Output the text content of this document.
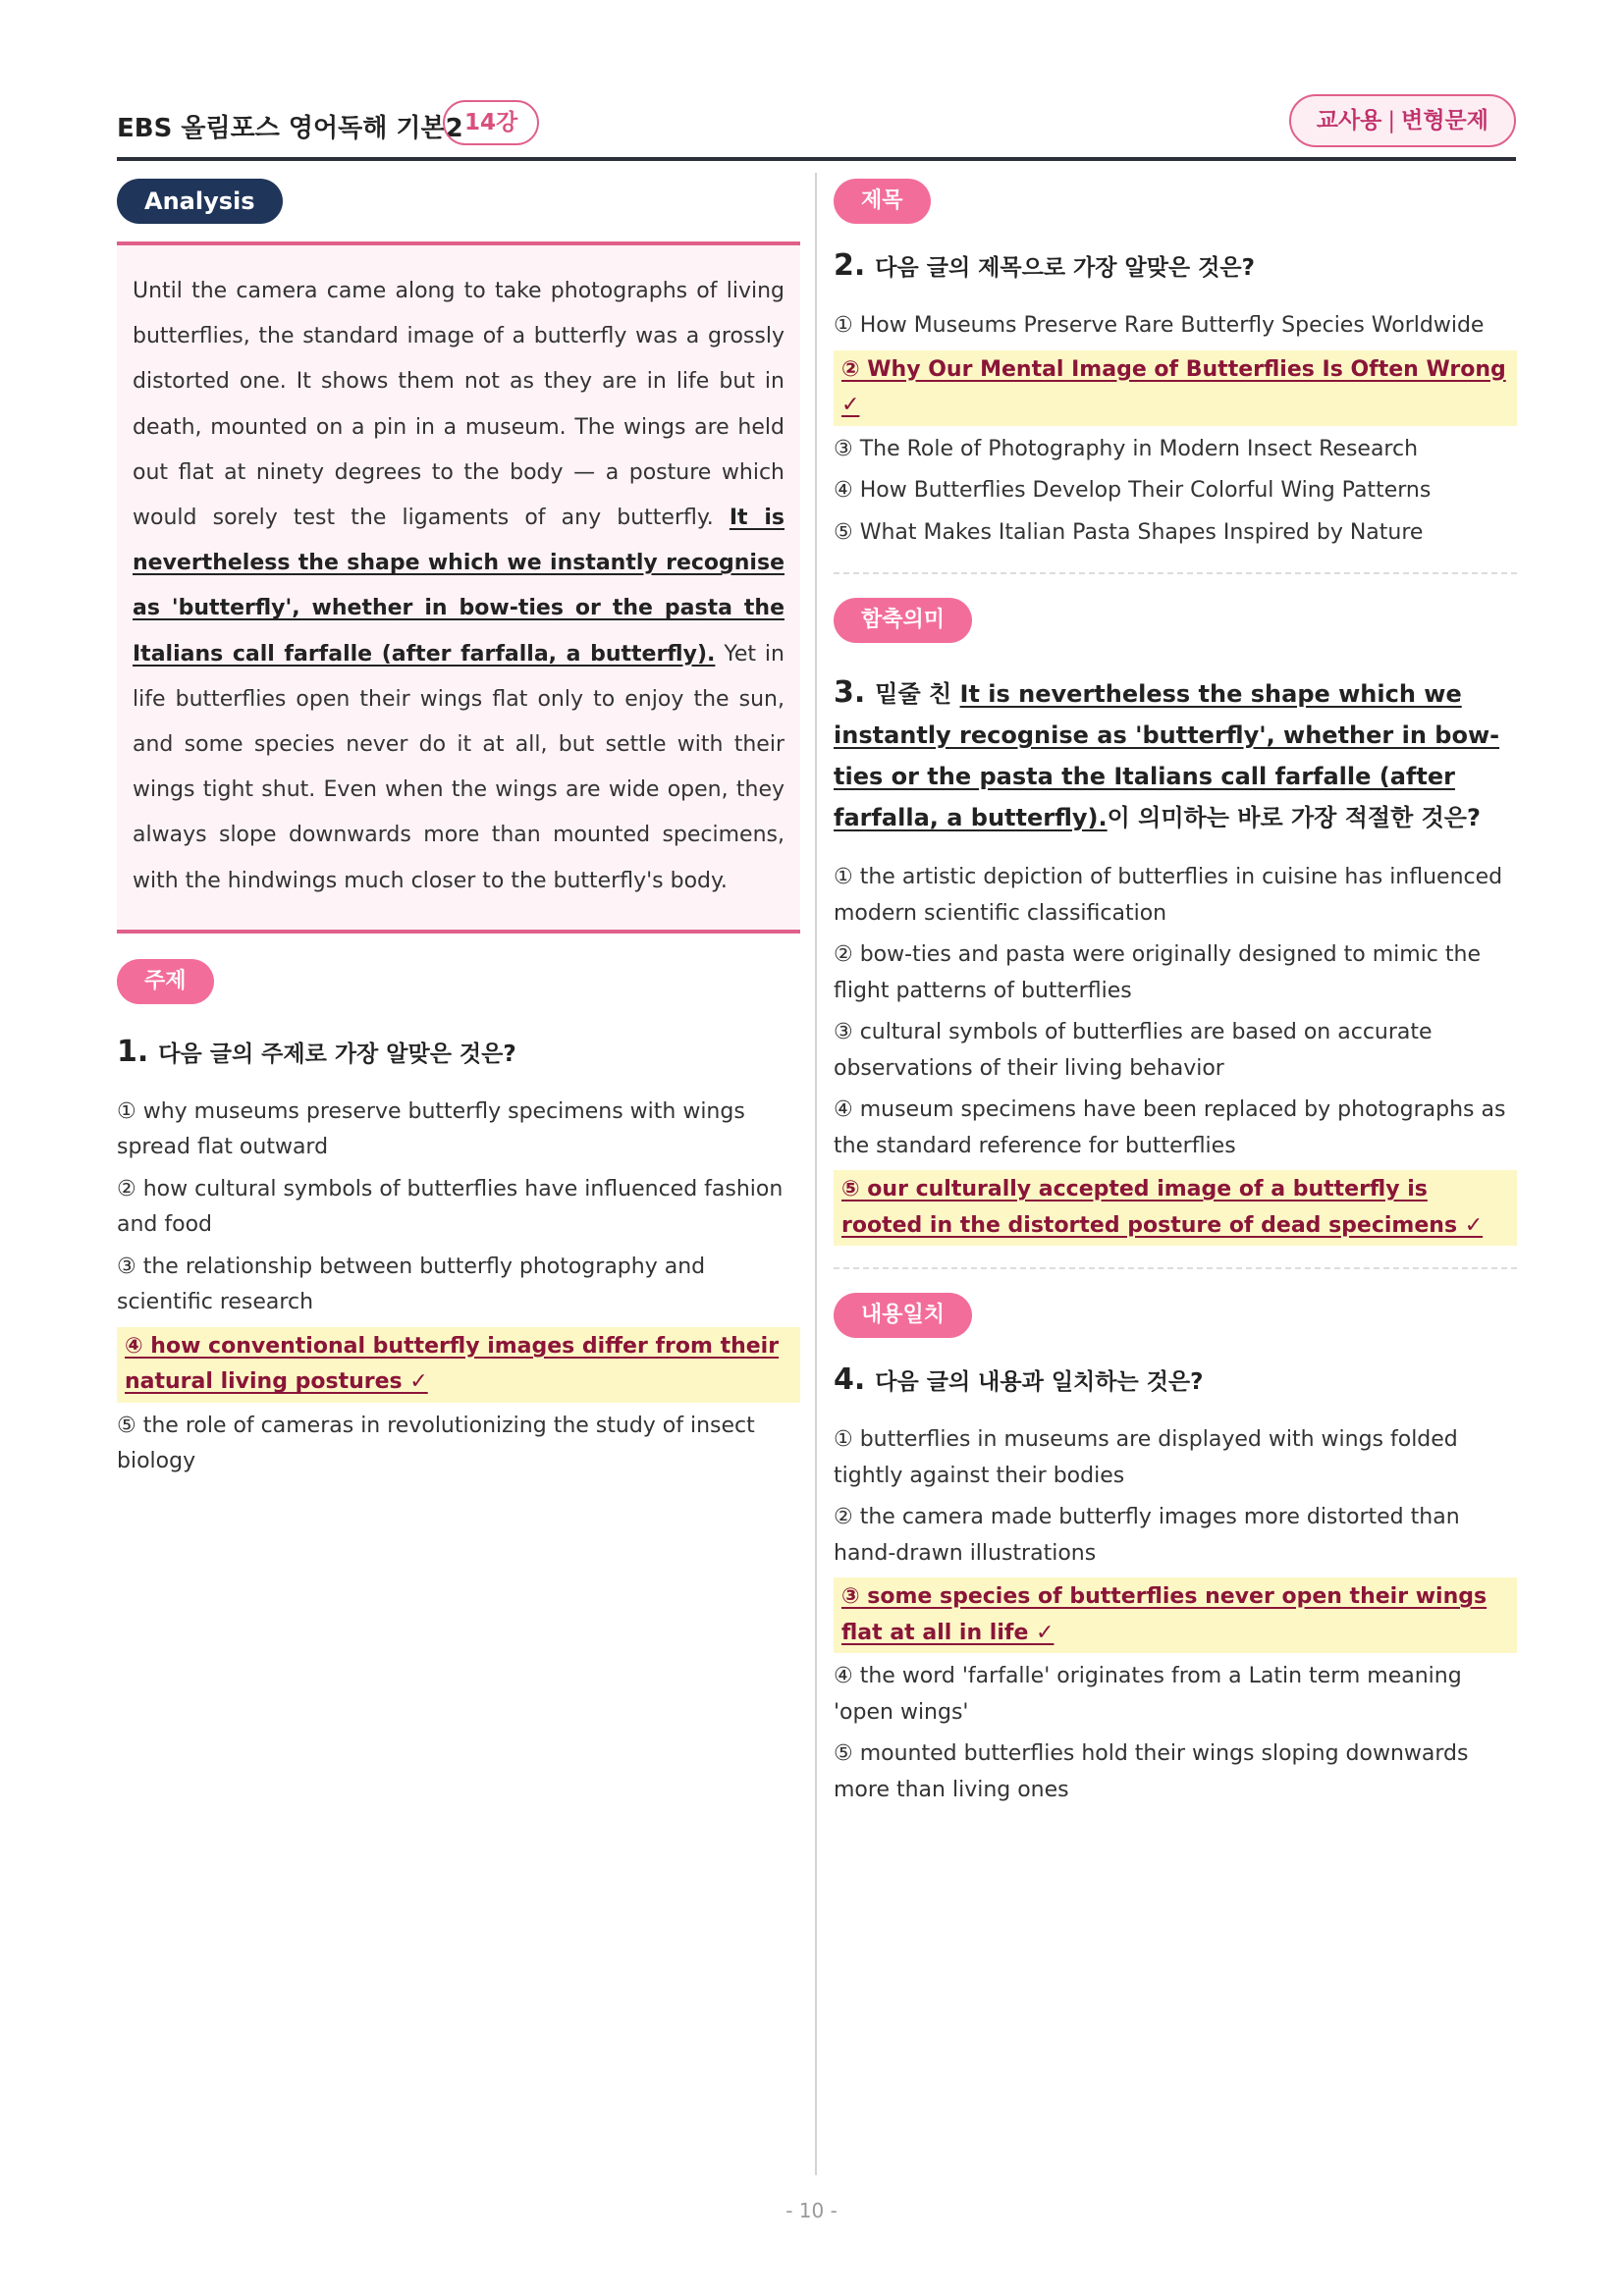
EBS 올림포스 영어독해 기본2 14강	교사용 | 변형문제
Analysis
Until the camera came along to take photographs of living butterflies, the standard image of a butterfly was a grossly distorted one. It shows them not as they are in life but in death, mounted on a pin in a museum. The wings are held out flat at ninety degrees to the body — a posture which would sorely test the ligaments of any butterfly. It is nevertheless the shape which we instantly recognise as 'butterfly', whether in bow-ties or the pasta the Italians call farfalle (after farfalla, a butterfly). Yet in life butterflies open their wings flat only to enjoy the sun, and some species never do it at all, but settle with their wings tight shut. Even when the wings are wide open, they always slope downwards more than mounted specimens, with the hindwings much closer to the butterfly's body.
주제
1. 다음 글의 주제로 가장 알맞은 것은?
① why museums preserve butterfly specimens with wings spread flat outward
② how cultural symbols of butterflies have influenced fashion and food
③ the relationship between butterfly photography and scientific research
④ how conventional butterfly images differ from their natural living postures ✓
⑤ the role of cameras in revolutionizing the study of insect biology
제목
2. 다음 글의 제목으로 가장 알맞은 것은?
① How Museums Preserve Rare Butterfly Species Worldwide
② Why Our Mental Image of Butterflies Is Often Wrong ✓
③ The Role of Photography in Modern Insect Research
④ How Butterflies Develop Their Colorful Wing Patterns
⑤ What Makes Italian Pasta Shapes Inspired by Nature
함축의미
3. 밑줄 친 It is nevertheless the shape which we instantly recognise as 'butterfly', whether in bow-ties or the pasta the Italians call farfalle (after farfalla, a butterfly).이 의미하는 바로 가장 적절한 것은?
① the artistic depiction of butterflies in cuisine has influenced modern scientific classification
② bow-ties and pasta were originally designed to mimic the flight patterns of butterflies
③ cultural symbols of butterflies are based on accurate observations of their living behavior
④ museum specimens have been replaced by photographs as the standard reference for butterflies
⑤ our culturally accepted image of a butterfly is rooted in the distorted posture of dead specimens ✓
내용일치
4. 다음 글의 내용과 일치하는 것은?
① butterflies in museums are displayed with wings folded tightly against their bodies
② the camera made butterfly images more distorted than hand-drawn illustrations
③ some species of butterflies never open their wings flat at all in life ✓
④ the word 'farfalle' originates from a Latin term meaning 'open wings'
⑤ mounted butterflies hold their wings sloping downwards more than living ones
- 10 -
